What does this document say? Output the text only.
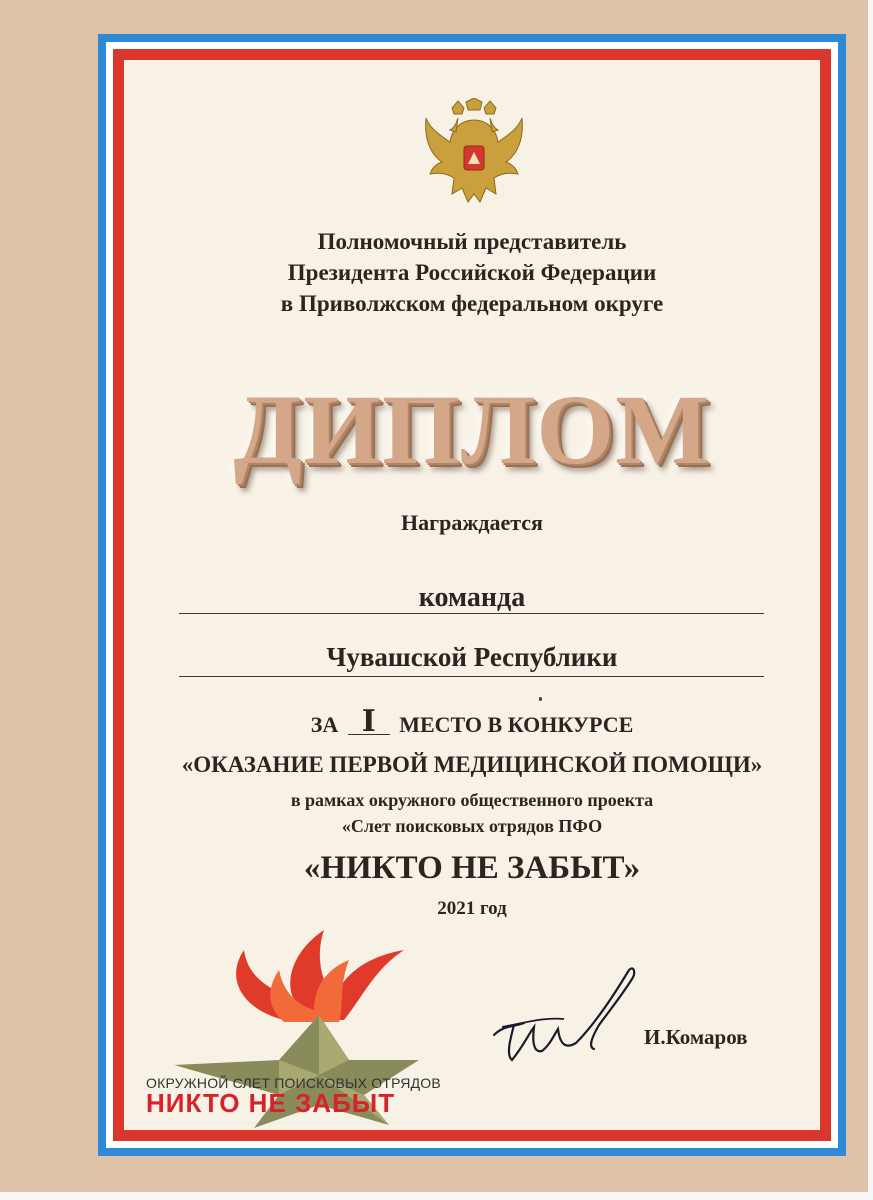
Полномочный представитель
Президента Российской Федерации
в Приволжском федеральном округе
ДИПЛОМ
Награждается
команда
Чувашской Республики
ЗА I МЕСТО В КОНКУРСЕ
«ОКАЗАНИЕ ПЕРВОЙ МЕДИЦИНСКОЙ ПОМОЩИ»
в рамках окружного общественного проекта
«Слет поисковых отрядов ПФО
«НИКТО НЕ ЗАБЫТ»
2021 год
ОКРУЖНОЙ СЛЕТ ПОИСКОВЫХ ОТРЯДОВ
НИКТО НЕ ЗАБЫТ
И.Комаров
